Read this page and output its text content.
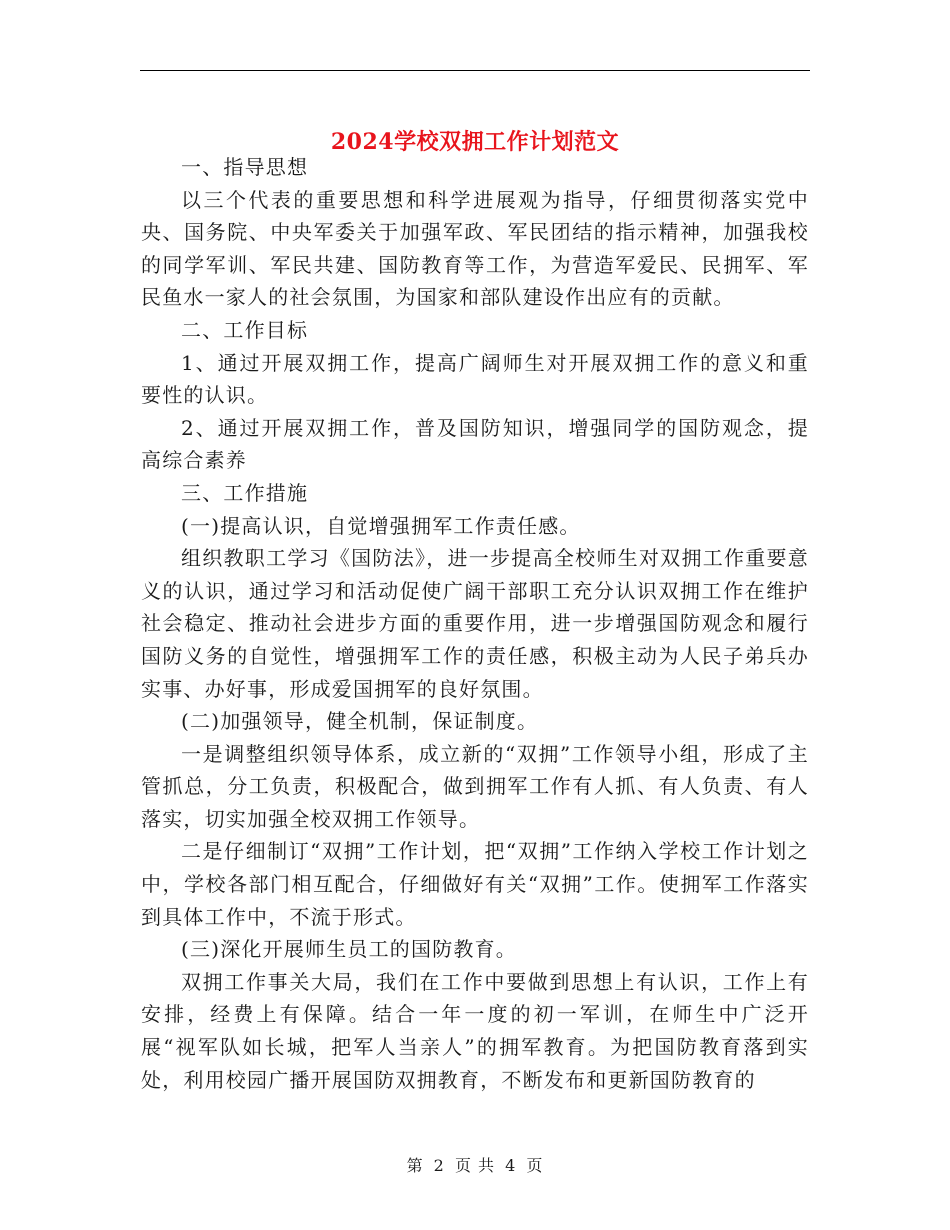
2024学校双拥工作计划范文

一、指导思想

以三个代表的重要思想和科学进展观为指导，仔细贯彻落实党中央、国务院、中央军委关于加强军政、军民团结的指示精神，加强我校的同学军训、军民共建、国防教育等工作，为营造军爱民、民拥军、军民鱼水一家人的社会氛围，为国家和部队建设作出应有的贡献。

二、工作目标

1、通过开展双拥工作，提高广阔师生对开展双拥工作的意义和重要性的认识。

2、通过开展双拥工作，普及国防知识，增强同学的国防观念，提高综合素养

三、工作措施

(一)提高认识，自觉增强拥军工作责任感。

组织教职工学习《国防法》，进一步提高全校师生对双拥工作重要意义的认识，通过学习和活动促使广阔干部职工充分认识双拥工作在维护社会稳定、推动社会进步方面的重要作用，进一步增强国防观念和履行国防义务的自觉性，增强拥军工作的责任感，积极主动为人民子弟兵办实事、办好事，形成爱国拥军的良好氛围。

(二)加强领导，健全机制，保证制度。

一是调整组织领导体系，成立新的“双拥”工作领导小组，形成了主管抓总，分工负责，积极配合，做到拥军工作有人抓、有人负责、有人落实，切实加强全校双拥工作领导。

二是仔细制订“双拥”工作计划，把“双拥”工作纳入学校工作计划之中，学校各部门相互配合，仔细做好有关“双拥”工作。使拥军工作落实到具体工作中，不流于形式。

(三)深化开展师生员工的国防教育。

双拥工作事关大局，我们在工作中要做到思想上有认识，工作上有安排，经费上有保障。结合一年一度的初一军训，在师生中广泛开展“视军队如长城，把军人当亲人”的拥军教育。为把国防教育落到实处，利用校园广播开展国防双拥教育，不断发布和更新国防教育的

第 2 页 共 4 页
